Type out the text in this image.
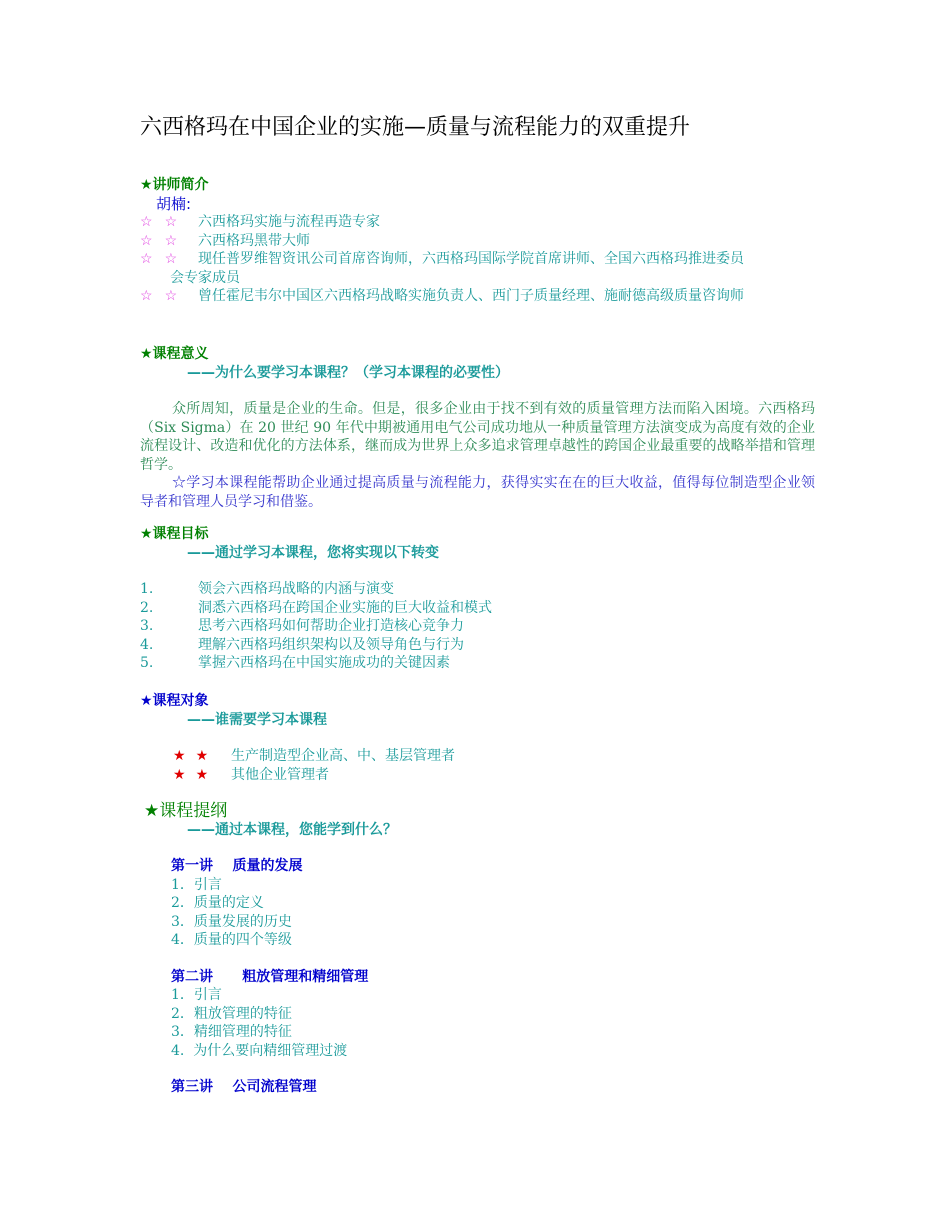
六西格玛在中国企业的实施—质量与流程能力的双重提升
★讲师简介
胡楠:
☆ ☆	六西格玛实施与流程再造专家
☆ ☆	六西格玛黑带大师
☆ ☆	现任普罗维智资讯公司首席咨询师，六西格玛国际学院首席讲师、全国六西格玛推进委员
会专家成员
☆ ☆	曾任霍尼韦尔中国区六西格玛战略实施负责人、西门子质量经理、施耐德高级质量咨询师
★课程意义
——为什么要学习本课程？（学习本课程的必要性）

众所周知，质量是企业的生命。但是，很多企业由于找不到有效的质量管理方法而陷入困境。六西格玛（Six Sigma）在 20 世纪 90 年代中期被通用电气公司成功地从一种质量管理方法演变成为高度有效的企业流程设计、改造和优化的方法体系，继而成为世界上众多追求管理卓越性的跨国企业最重要的战略举措和管理哲学。

☆学习本课程能帮助企业通过提高质量与流程能力，获得实实在在的巨大收益，值得每位制造型企业领导者和管理人员学习和借鉴。

★课程目标
——通过学习本课程，您将实现以下转变
1.	领会六西格玛战略的内涵与演变
2.	洞悉六西格玛在跨国企业实施的巨大收益和模式
3.	思考六西格玛如何帮助企业打造核心竞争力
4.	理解六西格玛组织架构以及领导角色与行为
5.	掌握六西格玛在中国实施成功的关键因素
★课程对象
——谁需要学习本课程
★ ★	生产制造型企业高、中、基层管理者
★ ★	其他企业管理者
★课程提纲
——通过本课程，您能学到什么？
第一讲    质量的发展
1．引言
2．质量的定义
3．质量发展的历史
4．质量的四个等级
第二讲      粗放管理和精细管理
1．引言
2．粗放管理的特征
3．精细管理的特征
4.  为什么要向精细管理过渡
第三讲    公司流程管理
